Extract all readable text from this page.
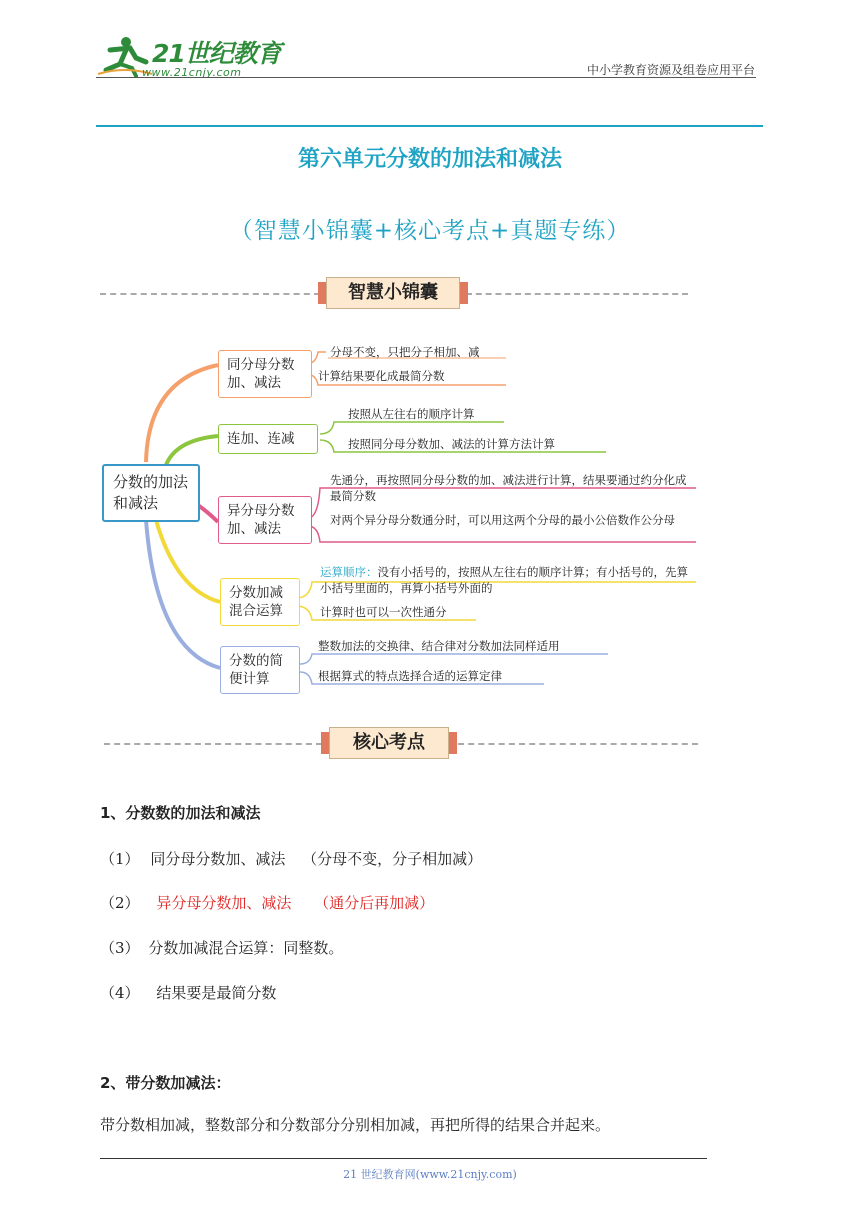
21世纪教育
www.21cnjy.com	中小学教育资源及组卷应用平台
第六单元分数的加法和减法
（智慧小锦囊+核心考点+真题专练）
智慧小锦囊
分数的加法和减法
同分母分数加、减法
连加、连减
异分母分数加、减法
分数加减混合运算
分数的简便计算
分母不变，只把分子相加、减
计算结果要化成最简分数
按照从左往右的顺序计算
按照同分母分数加、减法的计算方法计算
先通分，再按照同分母分数的加、减法进行计算，结果要通过约分化成最简分数
对两个异分母分数通分时，可以用这两个分母的最小公倍数作公分母
运算顺序：没有小括号的，按照从左往右的顺序计算；有小括号的，先算小括号里面的，再算小括号外面的
计算时也可以一次性通分
整数加法的交换律、结合律对分数加法同样适用
根据算式的特点选择合适的运算定律
核心考点
1、分数数的加法和减法
（1） 同分母分数加、减法 （分母不变，分子相加减）
（2） 异分母分数加、减法 （通分后再加减）
（3） 分数加减混合运算：同整数。
（4） 结果要是最简分数
2、带分数加减法：
带分数相加减，整数部分和分数部分分别相加减，再把所得的结果合并起来。
21 世纪教育网(www.21cnjy.com)
